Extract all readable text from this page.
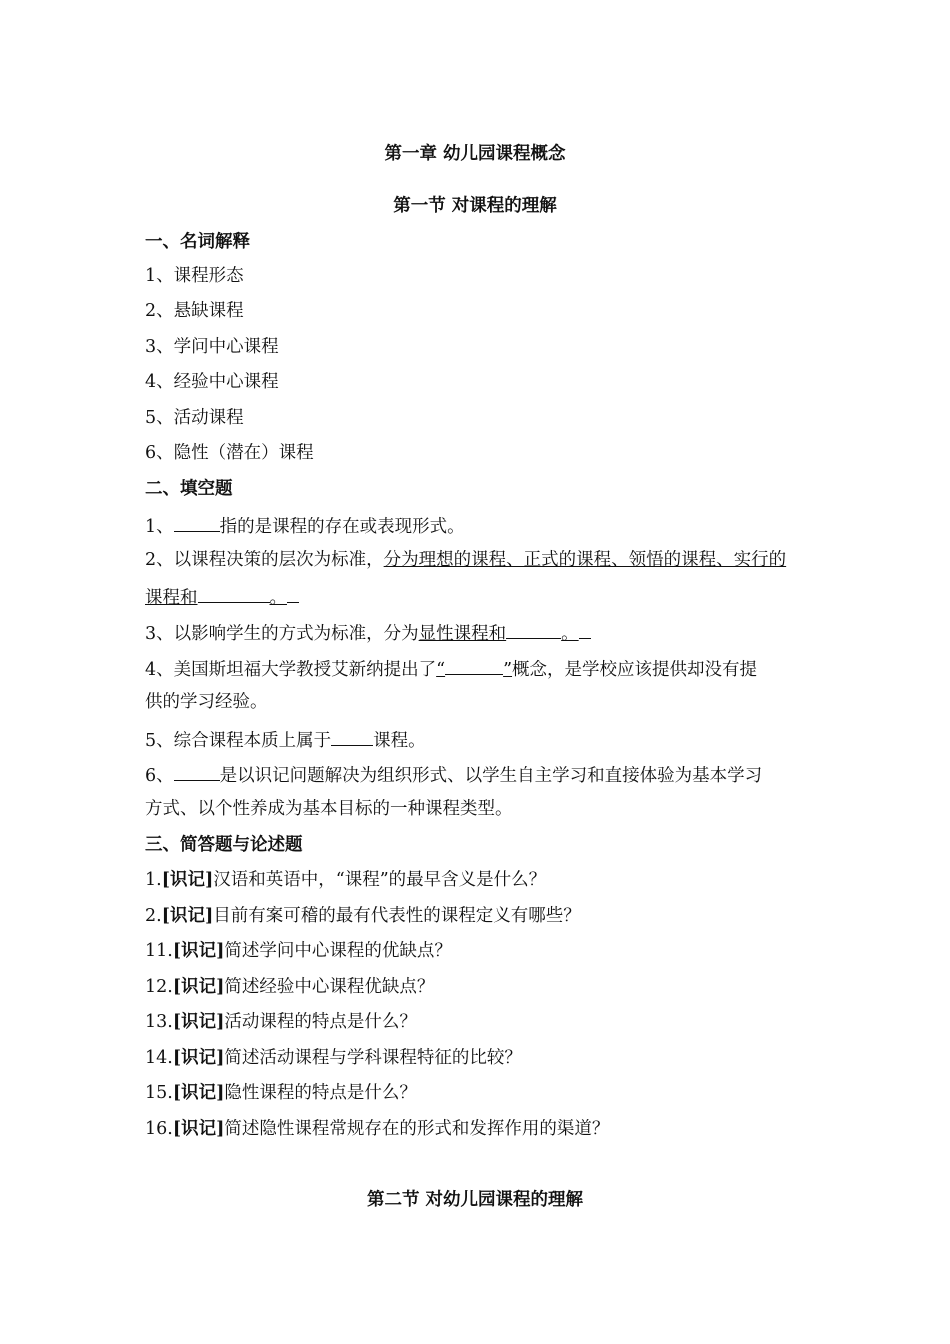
第一章 幼儿园课程概念
第一节 对课程的理解
一、名词解释
1、课程形态
2、悬缺课程
3、学问中心课程
4、经验中心课程
5、活动课程
6、隐性（潜在）课程
二、填空题
1、	指的是课程的存在或表现形式。
2、以课程决策的层次为标准，分为理想的课程、正式的课程、领悟的课程、实行的
课程和	。
3、以影响学生的方式为标准，分为显性课程和	。
4、美国斯坦福大学教授艾新纳提出了“	”概念，是学校应该提供却没有提
供的学习经验。
5、综合课程本质上属于 课程。
6、	是以识记问题解决为组织形式、以学生自主学习和直接体验为基本学习
方式、以个性养成为基本目标的一种课程类型。
三、简答题与论述题
1.[识记]汉语和英语中，“课程”的最早含义是什么？
2.[识记]目前有案可稽的最有代表性的课程定义有哪些？
11.[识记]简述学问中心课程的优缺点？
12.[识记]简述经验中心课程优缺点？
13.[识记]活动课程的特点是什么？
14.[识记]简述活动课程与学科课程特征的比较？
15.[识记]隐性课程的特点是什么？
16.[识记]简述隐性课程常规存在的形式和发挥作用的渠道？
第二节 对幼儿园课程的理解
